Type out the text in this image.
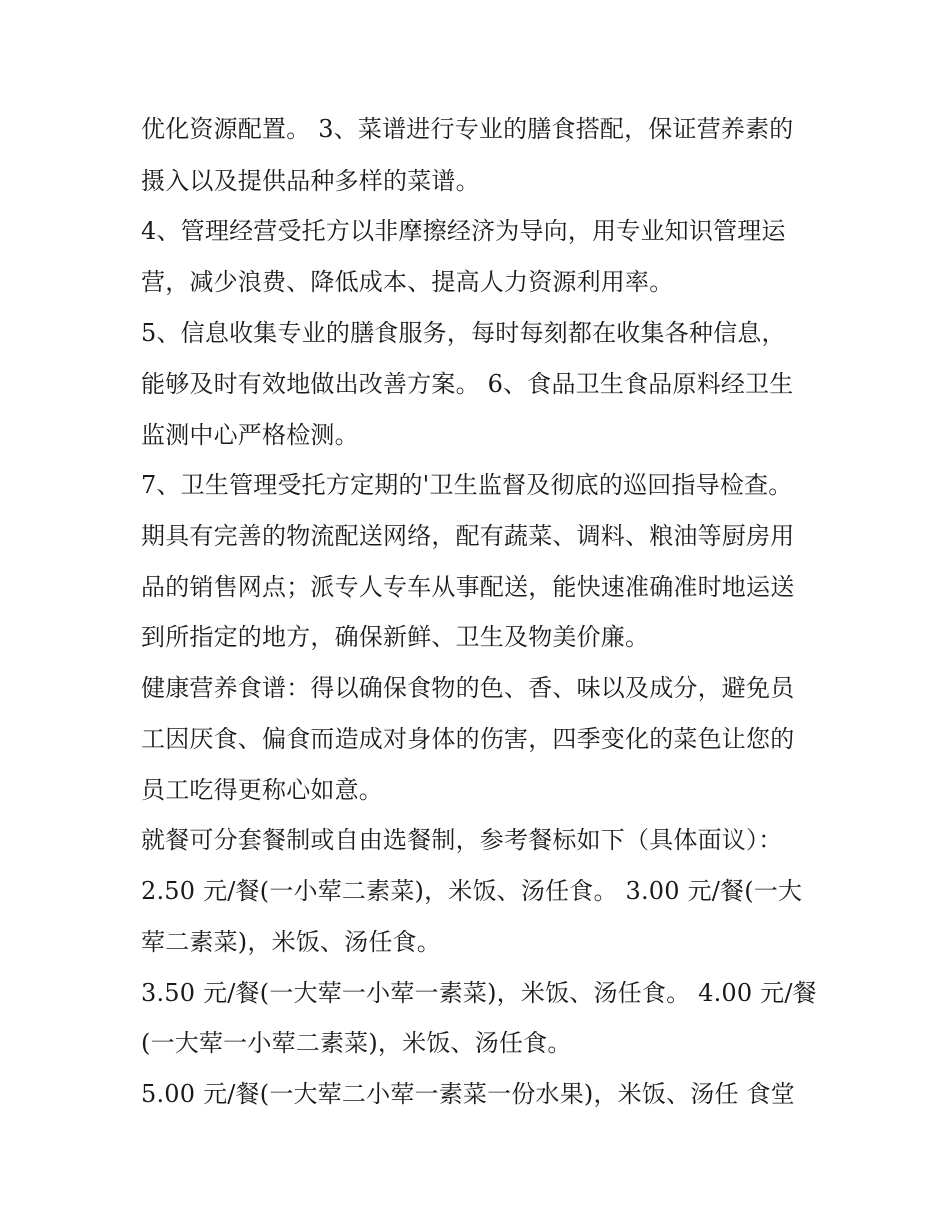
优化资源配置。 3、菜谱进行专业的膳食搭配，保证营养素的
摄入以及提供品种多样的菜谱。
4、管理经营受托方以非摩擦经济为导向，用专业知识管理运
营，减少浪费、降低成本、提高人力资源利用率。
5、信息收集专业的膳食服务，每时每刻都在收集各种信息，
能够及时有效地做出改善方案。 6、食品卫生食品原料经卫生
监测中心严格检测。
7、卫生管理受托方定期的'卫生监督及彻底的巡回指导检查。
期具有完善的物流配送网络，配有蔬菜、调料、粮油等厨房用
品的销售网点；派专人专车从事配送，能快速准确准时地运送
到所指定的地方，确保新鲜、卫生及物美价廉。
健康营养食谱：得以确保食物的色、香、味以及成分，避免员
工因厌食、偏食而造成对身体的伤害，四季变化的菜色让您的
员工吃得更称心如意。
就餐可分套餐制或自由选餐制，参考餐标如下（具体面议）：
2.50 元/餐(一小荤二素菜)，米饭、汤任食。 3.00 元/餐(一大
荤二素菜)，米饭、汤任食。
3.50 元/餐(一大荤一小荤一素菜)，米饭、汤任食。 4.00 元/餐
(一大荤一小荤二素菜)，米饭、汤任食。
5.00 元/餐(一大荤二小荤一素菜一份水果)，米饭、汤任 食堂
